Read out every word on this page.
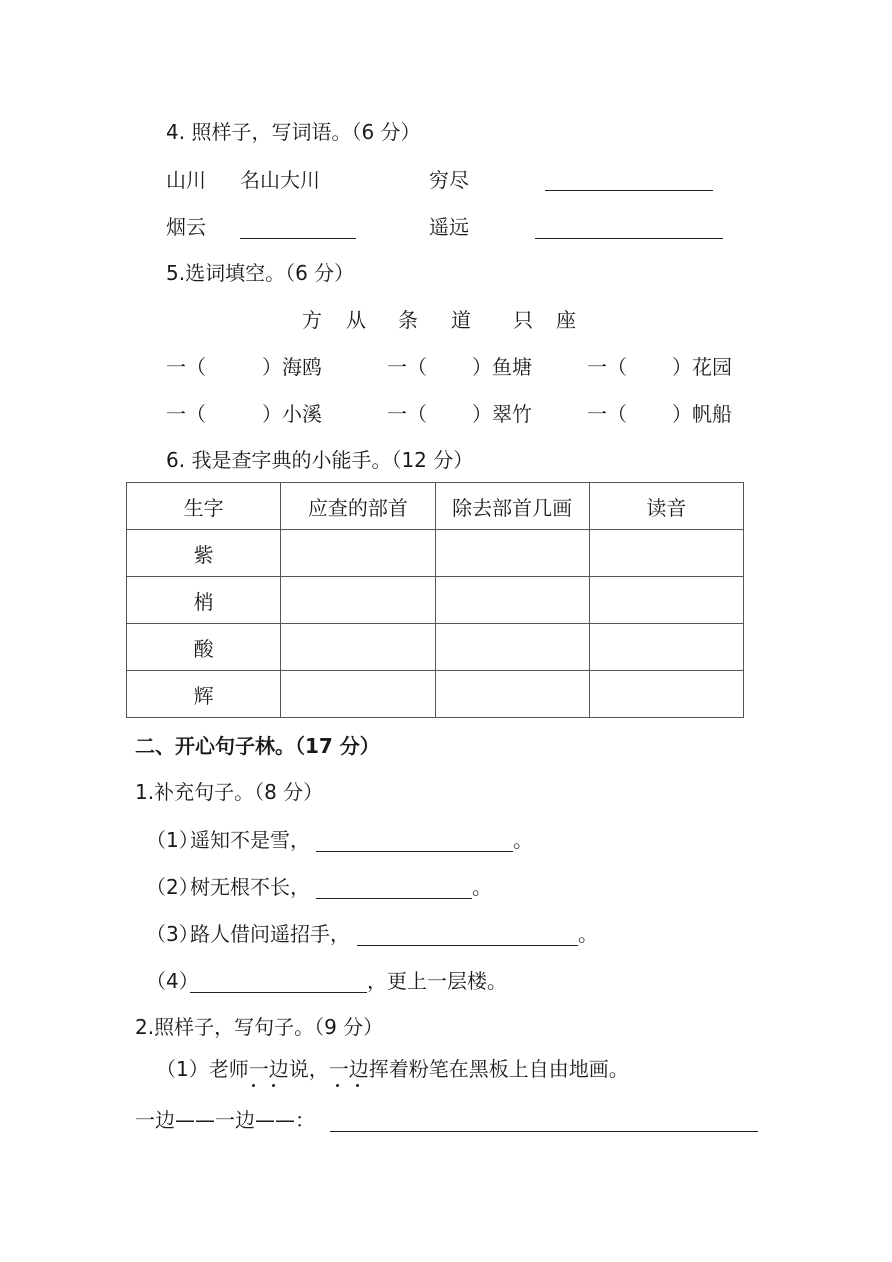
4. 照样子，写词语。（6 分）
山川 名山大川	穷尽
烟云	遥远
5.选词填空。（6 分）
方 从 条 道 只 座
一（	） 海鸥	一（ ） 鱼塘	一（ ） 花园
一（	） 小溪	一（ ） 翠竹	一（ ） 帆船
6. 我是查字典的小能手。（12 分）
生字	应查的部首	除去部首几画	读音
紫			
梢			
酸			
辉			
二、开心句子林。（17 分）
1.补充句子。（8 分）
（1）
遥知不是雪，	。
（2）
树无根不长，	。
（3）
路人借问遥招手，	。
（4）	，更上一层楼。
2.照样子，写句子。（9 分）
（1）老师一边说，一边挥着粉笔在黑板上自由地画。
一边——一边——：
